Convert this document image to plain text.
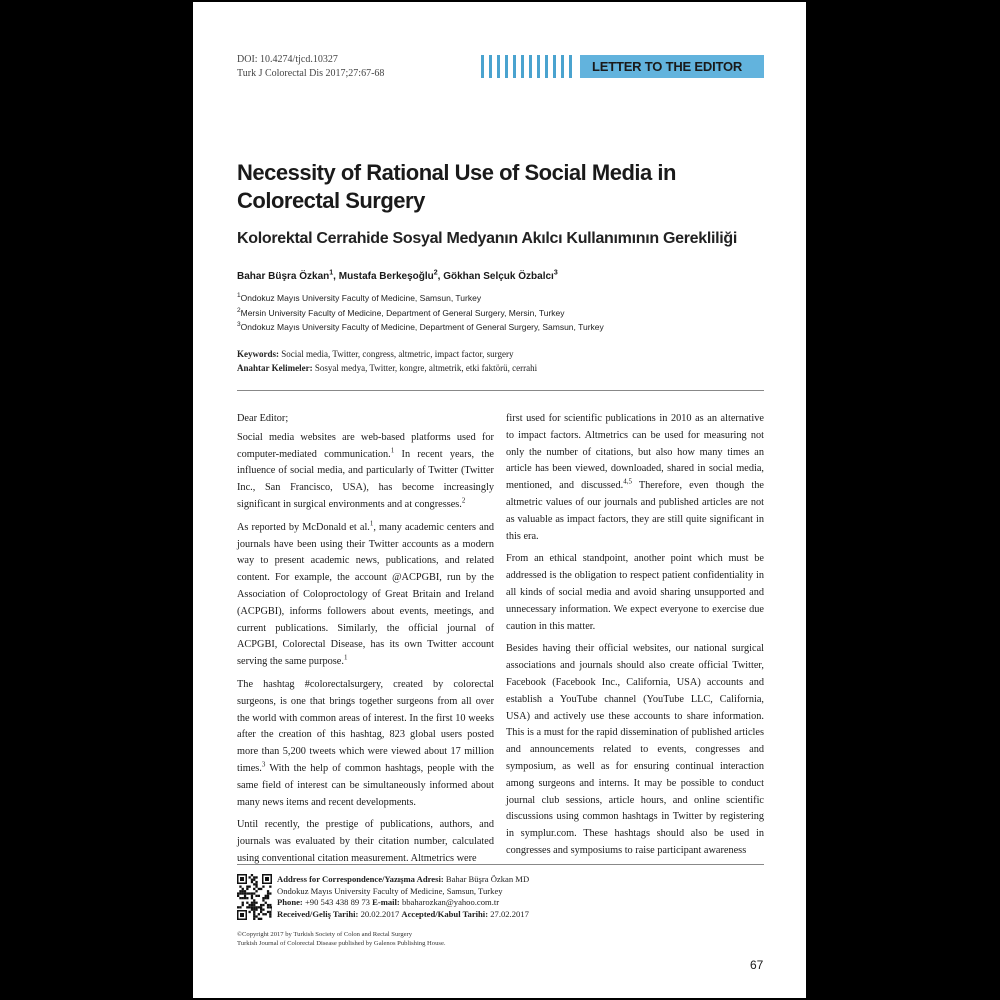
DOI: 10.4274/tjcd.10327
Turk J Colorectal Dis 2017;27:67-68	LETTER TO THE EDITOR
Necessity of Rational Use of Social Media in Colorectal Surgery
Kolorektal Cerrahide Sosyal Medyanın Akılcı Kullanımının Gerekliliği
Bahar Büşra Özkan$^1$, Mustafa Berkeşoğlu$^2$, Gökhan Selçuk Özbalcı$^3$
$^1$Ondokuz Mayıs University Faculty of Medicine, Samsun, Turkey
$^2$Mersin University Faculty of Medicine, Department of General Surgery, Mersin, Turkey
$^3$Ondokuz Mayıs University Faculty of Medicine, Department of General Surgery, Samsun, Turkey
Keywords: Social media, Twitter, congress, altmetric, impact factor, surgery
Anahtar Kelimeler: Sosyal medya, Twitter, kongre, altmetrik, etki faktörü, cerrahi

Dear Editor;

Social media websites are web-based platforms used for computer-mediated communication.$^1$ In recent years, the influence of social media, and particularly of Twitter (Twitter Inc., San Francisco, USA), has become increasingly significant in surgical environments and at congresses.$^2$

As reported by McDonald et al.$^1$, many academic centers and journals have been using their Twitter accounts as a modern way to present academic news, publications, and related content. For example, the account @ACPGBI, run by the Association of Coloproctology of Great Britain and Ireland (ACPGBI), informs followers about events, meetings, and current publications. Similarly, the official journal of ACPGBI, Colorectal Disease, has its own Twitter account serving the same purpose.$^1$

The hashtag #colorectalsurgery, created by colorectal surgeons, is one that brings together surgeons from all over the world with common areas of interest. In the first 10 weeks after the creation of this hashtag, 823 global users posted more than 5,200 tweets which were viewed about 17 million times.$^3$ With the help of common hashtags, people with the same field of interest can be simultaneously informed about many news items and recent developments.

Until recently, the prestige of publications, authors, and journals was evaluated by their citation number, calculated using conventional citation measurement. Altmetrics were

first used for scientific publications in 2010 as an alternative to impact factors. Altmetrics can be used for measuring not only the number of citations, but also how many times an article has been viewed, downloaded, shared in social media, mentioned, and discussed.$^{4,5}$ Therefore, even though the altmetric values of our journals and published articles are not as valuable as impact factors, they are still quite significant in this era.

From an ethical standpoint, another point which must be addressed is the obligation to respect patient confidentiality in all kinds of social media and avoid sharing unsupported and unnecessary information. We expect everyone to exercise due caution in this matter.

Besides having their official websites, our national surgical associations and journals should also create official Twitter, Facebook (Facebook Inc., California, USA) accounts and establish a YouTube channel (YouTube LLC, California, USA) and actively use these accounts to share information. This is a must for the rapid dissemination of published articles and announcements related to events, congresses and symposium, as well as for ensuring continual interaction among surgeons and interns. It may be possible to conduct journal club sessions, article hours, and online scientific discussions using common hashtags in Twitter by registering in symplur.com. These hashtags should also be used in congresses and symposiums to raise participant awareness

Address for Correspondence/Yazışma Adresi: Bahar Büşra Özkan MD
Ondokuz Mayıs University Faculty of Medicine, Samsun, Turkey
Phone: +90 543 438 89 73 E-mail: bbaharozkan@yahoo.com.tr
Received/Geliş Tarihi: 20.02.2017 Accepted/Kabul Tarihi: 27.02.2017
©Copyright 2017 by Turkish Society of Colon and Rectal Surgery
Turkish Journal of Colorectal Disease published by Galenos Publishing House.
67
